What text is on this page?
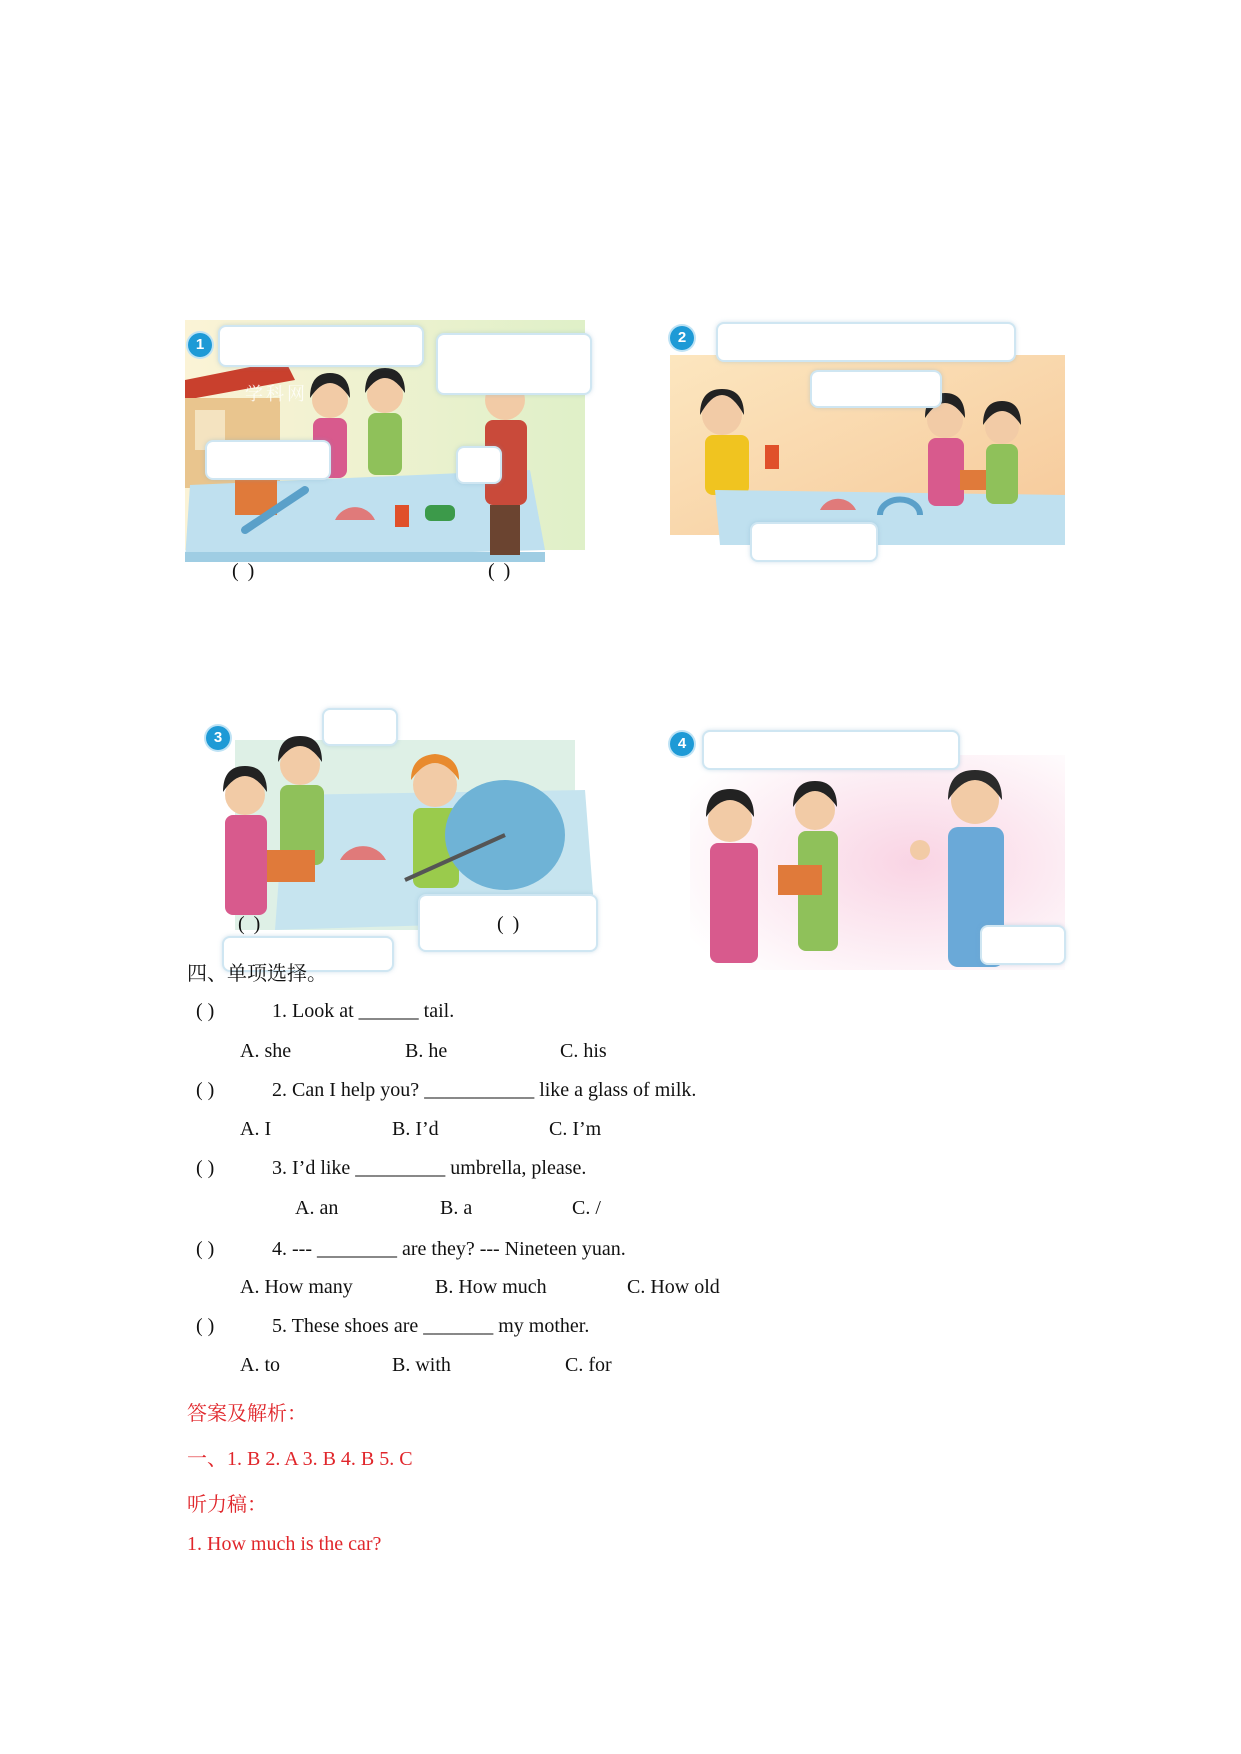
学科网
1
( )	( )
2
3
( )	( )
4
四、单项选择。
( )	1. Look at ______ tail.
A. she	B. he	C. his
( )	2. Can I help you? ___________ like a glass of milk.
A. I	B. I’d	C. I’m
( )	3. I’d like _________ umbrella, please.
A. an	B. a	C. /
( )	4. --- ________ are they? --- Nineteen yuan.
A. How many	B. How much	C. How old
( )	5. These shoes are _______ my mother.
A. to	B. with	C. for
答案及解析：
一、1. B 2. A 3. B 4. B 5. C
听力稿：
1. How much is the car?
